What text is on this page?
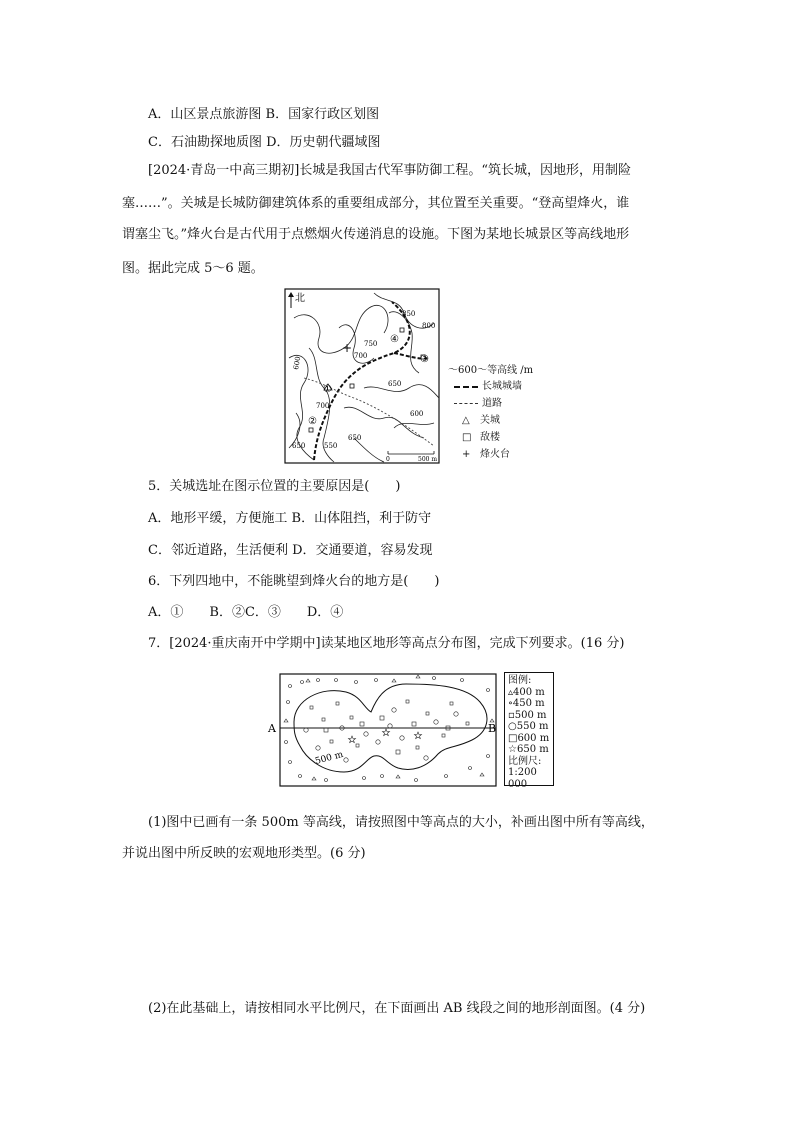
A．山区景点旅游图 B．国家行政区划图
C．石油勘探地质图 D．历史朝代疆域图
[2024·青岛一中高三期初]长城是我国古代军事防御工程。“筑长城，因地形，用制险
塞……”。关城是长城防御建筑体系的重要组成部分，其位置至关重要。“登高望烽火，谁
谓塞尘飞。”烽火台是古代用于点燃烟火传递消息的设施。下图为某地长城景区等高线地形
图。据此完成 5～6 题。
北
+
①
②
③
④
600	700
750
850
800
650
600
700
650
550
650
0	500 m
～600～等高线 /m
长城城墙
道路
△ 关城
□ 敌楼
+ 烽火台
5．关城选址在图示位置的主要原因是(　　)
A．地形平缓，方便施工 B．山体阻挡，利于防守
C．邻近道路，生活便利 D．交通要道，容易发现
6．下列四地中，不能眺望到烽火台的地方是(　　)
A．①　　B．②C．③　　D．④
7．[2024·重庆南开中学期中]读某地区地形等高点分布图，完成下列要求。(16 分)
A	B
500 m
图例:
▵400 m
∘450 m
▫500 m
○550 m
□600 m
☆650 m
比例尺:
1:200 000
(1)图中已画有一条 500m 等高线，请按照图中等高点的大小，补画出图中所有等高线，
并说出图中所反映的宏观地形类型。(6 分)
(2)在此基础上，请按相同水平比例尺，在下面画出 AB 线段之间的地形剖面图。(4 分)
